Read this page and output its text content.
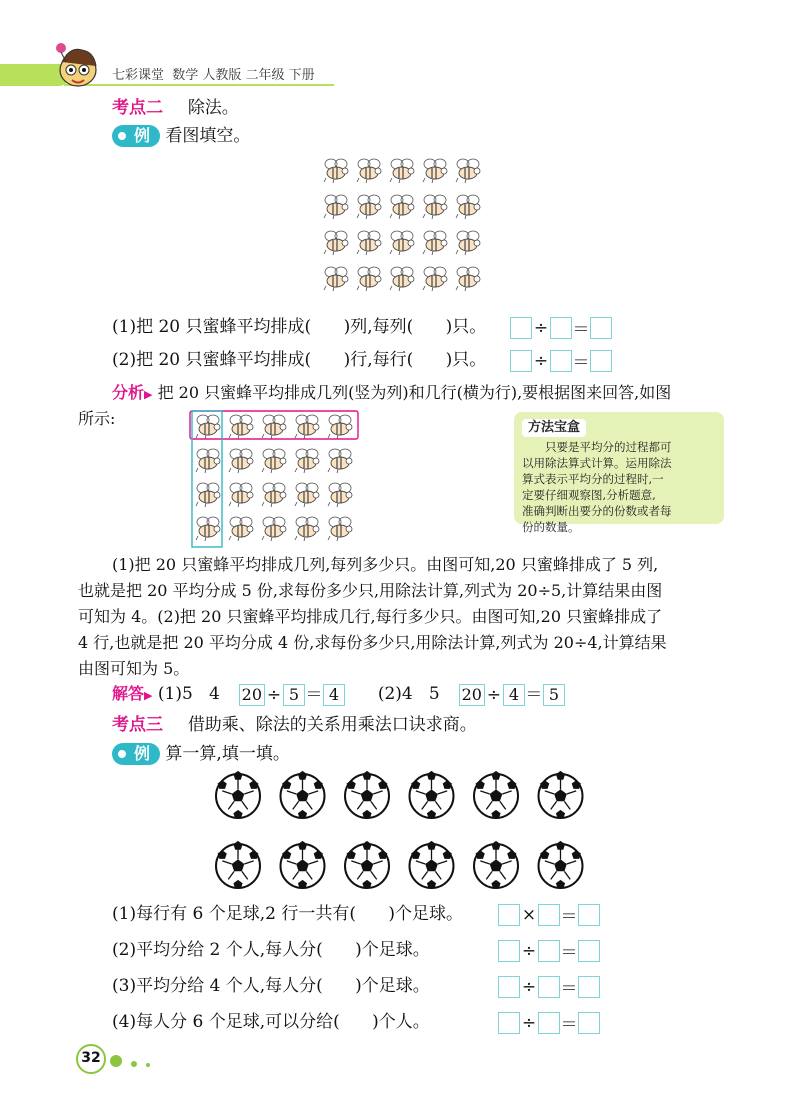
七彩课堂  数学 人教版 二年级 下册
考点二 除法。
例 看图填空。
(1)把 20 只蜜蜂平均排成(      )列,每列(      )只。	÷ ＝
(2)把 20 只蜜蜂平均排成(      )行,每行(      )只。	÷ ＝
分析▶ 把 20 只蜜蜂平均排成几列(竖为列)和几行(横为行),要根据图来回答,如图
所示:	方法宝盒
只要是平均分的过程都可
以用除法算式计算。运用除法
算式表示平均分的过程时,一
定要仔细观察图,分析题意,
准确判断出要分的份数或者每
份的数量。
(1)把 20 只蜜蜂平均排成几列,每列多少只。由图可知,20 只蜜蜂排成了 5 列,
也就是把 20 平均分成 5 份,求每份多少只,用除法计算,列式为 20÷5,计算结果由图
可知为 4。(2)把 20 只蜜蜂平均排成几行,每行多少只。由图可知,20 只蜜蜂排成了
4 行,也就是把 20 平均分成 4 份,求每份多少只,用除法计算,列式为 20÷4,计算结果
由图可知为 5。
解答▶ (1)5   4 20 ÷ 5 ＝ 4 (2)4   5 20 ÷ 4 ＝ 5
考点三 借助乘、除法的关系用乘法口诀求商。
例 算一算,填一填。
(1)每行有 6 个足球,2 行一共有(      )个足球。	× ＝
(2)平均分给 2 个人,每人分(      )个足球。	÷ ＝
(3)平均分给 4 个人,每人分(      )个足球。	÷ ＝
(4)每人分 6 个足球,可以分给(      )个人。	÷ ＝
32
